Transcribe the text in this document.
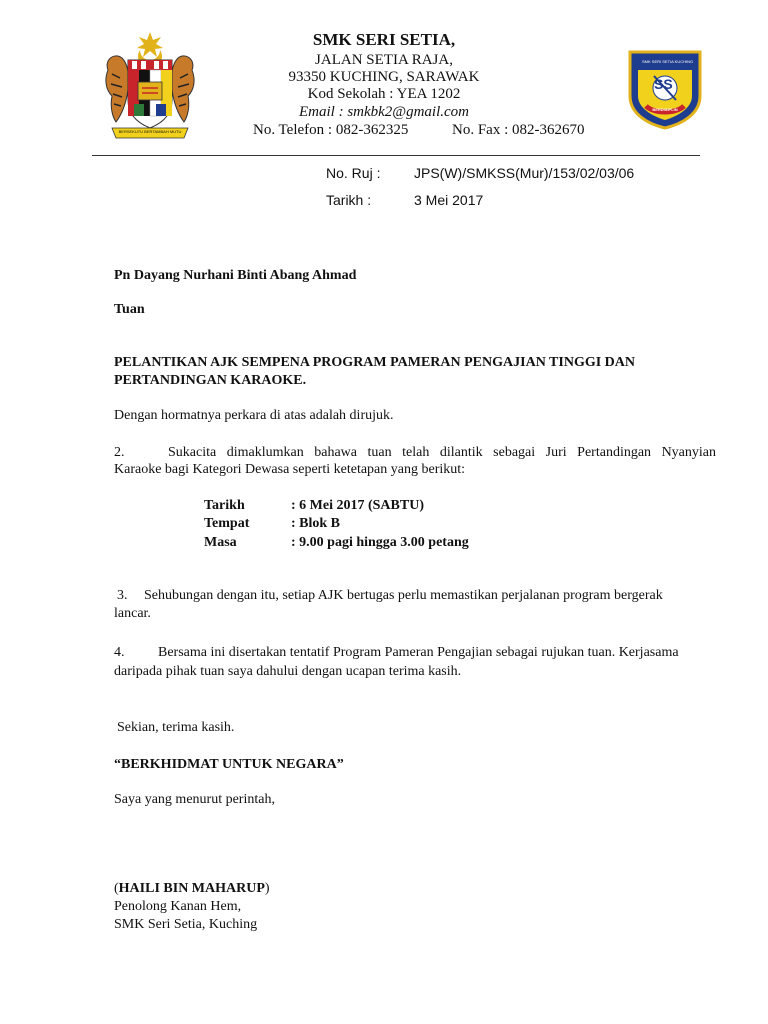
BERSEKUTU BERTAMBAH MUTU
SS
SMK SERI SETIA KUCHING
BERDISIPLIN
SMK SERI SETIA,
JALAN SETIA RAJA,
93350 KUCHING, SARAWAK
Kod Sekolah : YEA 1202
Email : smkbk2@gmail.com
No. Telefon : 082-362325	No. Fax : 082-362670
No. Ruj : JPS(W)/SMKSS(Mur)/153/02/03/06
Tarikh :	3 Mei 2017
Pn Dayang Nurhani Binti Abang Ahmad
Tuan
PELANTIKAN AJK SEMPENA PROGRAM PAMERAN PENGAJIAN TINGGI DAN
PERTANDINGAN KARAOKE.
Dengan hormatnya perkara di atas adalah dirujuk.
2.	Sukacita dimaklumkan bahawa tuan telah dilantik sebagai Juri Pertandingan Nyanyian
Karaoke bagi Kategori Dewasa seperti ketetapan yang berikut:
Tarikh	: 6 Mei 2017 (SABTU)
Tempat	: Blok B
Masa	: 9.00 pagi hingga 3.00 petang
3. Sehubungan dengan itu, setiap AJK bertugas perlu memastikan perjalanan program bergerak
lancar.
4. Bersama ini disertakan tentatif Program Pameran Pengajian sebagai rujukan tuan. Kerjasama
daripada pihak tuan saya dahului dengan ucapan terima kasih.
Sekian, terima kasih.
“BERKHIDMAT UNTUK NEGARA”
Saya yang menurut perintah,
(HAILI BIN MAHARUP)
Penolong Kanan Hem,
SMK Seri Setia, Kuching
